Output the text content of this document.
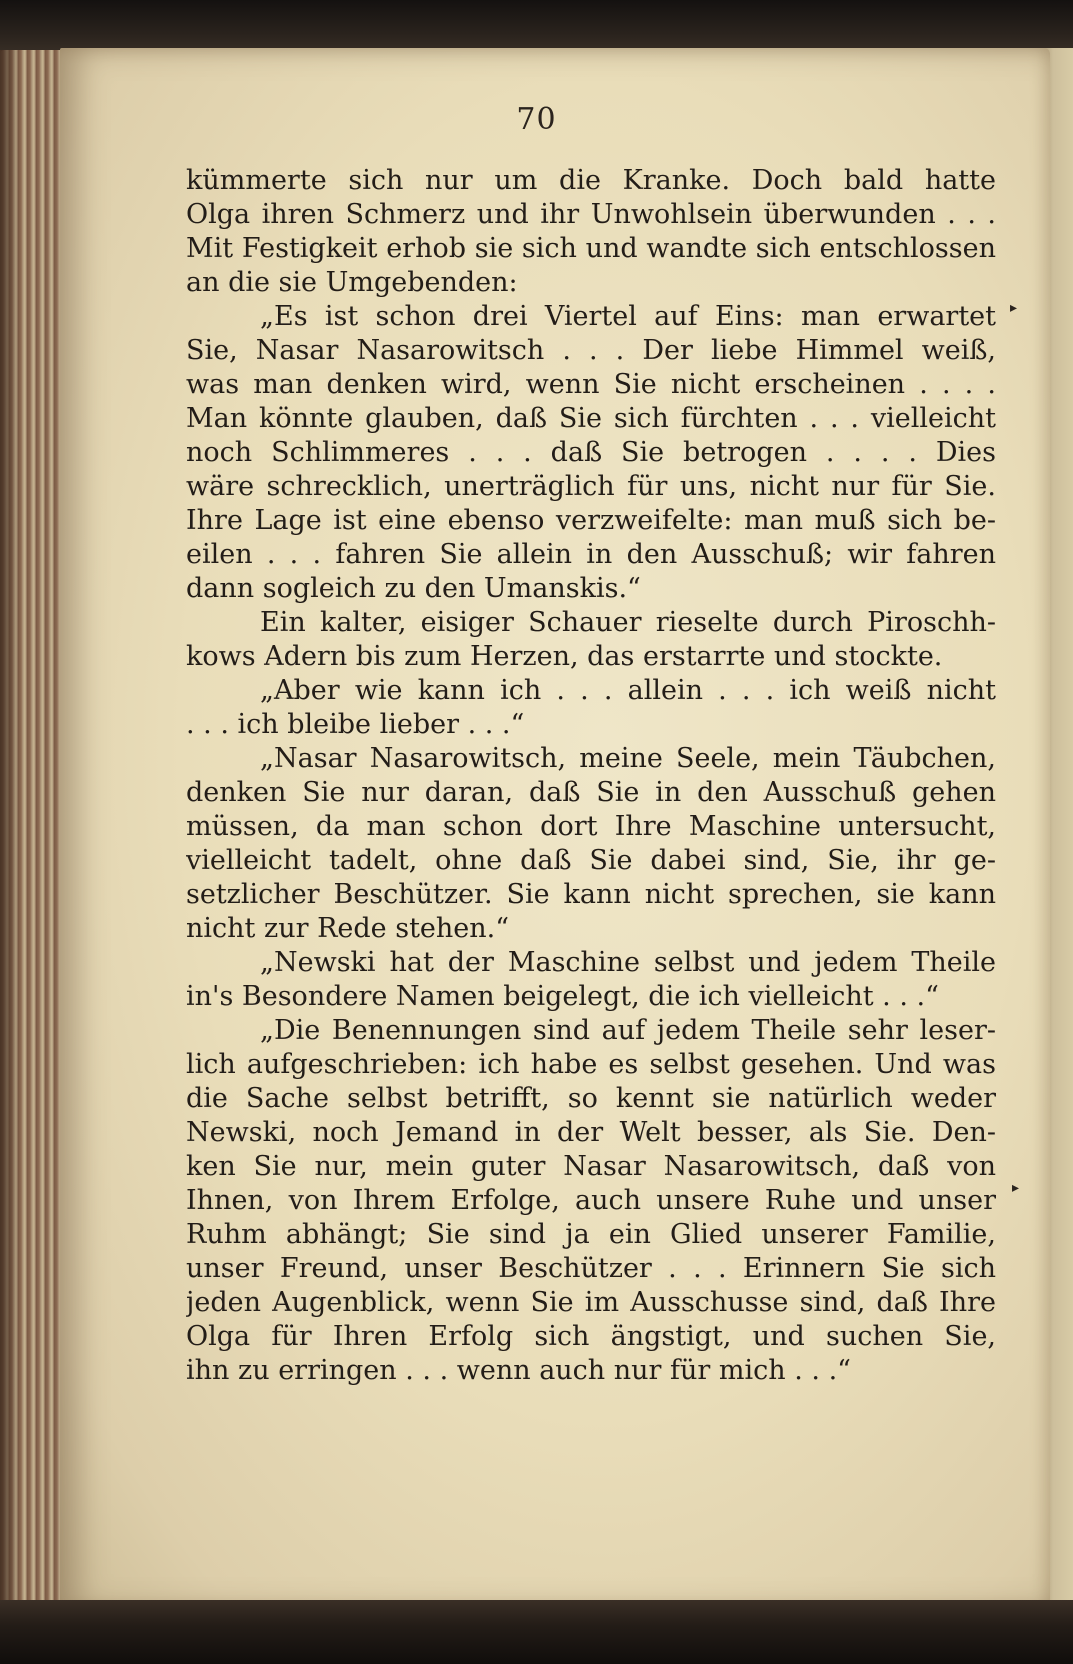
70
kümmerte sich nur um die Kranke. Doch bald hatte
Olga ihren Schmerz und ihr Unwohlsein überwunden . . .
Mit Festigkeit erhob sie sich und wandte sich entschlossen
an die sie Umgebenden:
„Es ist schon drei Viertel auf Eins: man erwartet
Sie, Nasar Nasarowitsch . . . Der liebe Himmel weiß,
was man denken wird, wenn Sie nicht erscheinen . . . .
Man könnte glauben, daß Sie sich fürchten . . . vielleicht
noch Schlimmeres . . . daß Sie betrogen . . . . Dies
wäre schrecklich, unerträglich für uns, nicht nur für Sie.
Ihre Lage ist eine ebenso verzweifelte: man muß sich be-
eilen . . . fahren Sie allein in den Ausschuß; wir fahren
dann sogleich zu den Umanskis.“
Ein kalter, eisiger Schauer rieselte durch Piroschh-
kows Adern bis zum Herzen, das erstarrte und stockte.
„Aber wie kann ich . . . allein . . . ich weiß nicht
. . . ich bleibe lieber . . .“
„Nasar Nasarowitsch, meine Seele, mein Täubchen,
denken Sie nur daran, daß Sie in den Ausschuß gehen
müssen, da man schon dort Ihre Maschine untersucht,
vielleicht tadelt, ohne daß Sie dabei sind, Sie, ihr ge-
setzlicher Beschützer. Sie kann nicht sprechen, sie kann
nicht zur Rede stehen.“
„Newski hat der Maschine selbst und jedem Theile
in's Besondere Namen beigelegt, die ich vielleicht . . .“
„Die Benennungen sind auf jedem Theile sehr leser-
lich aufgeschrieben: ich habe es selbst gesehen. Und was
die Sache selbst betrifft, so kennt sie natürlich weder
Newski, noch Jemand in der Welt besser, als Sie. Den-
ken Sie nur, mein guter Nasar Nasarowitsch, daß von
Ihnen, von Ihrem Erfolge, auch unsere Ruhe und unser
Ruhm abhängt; Sie sind ja ein Glied unserer Familie,
unser Freund, unser Beschützer . . . Erinnern Sie sich
jeden Augenblick, wenn Sie im Ausschusse sind, daß Ihre
Olga für Ihren Erfolg sich ängstigt, und suchen Sie,
ihn zu erringen . . . wenn auch nur für mich . . .“
▸
▸
